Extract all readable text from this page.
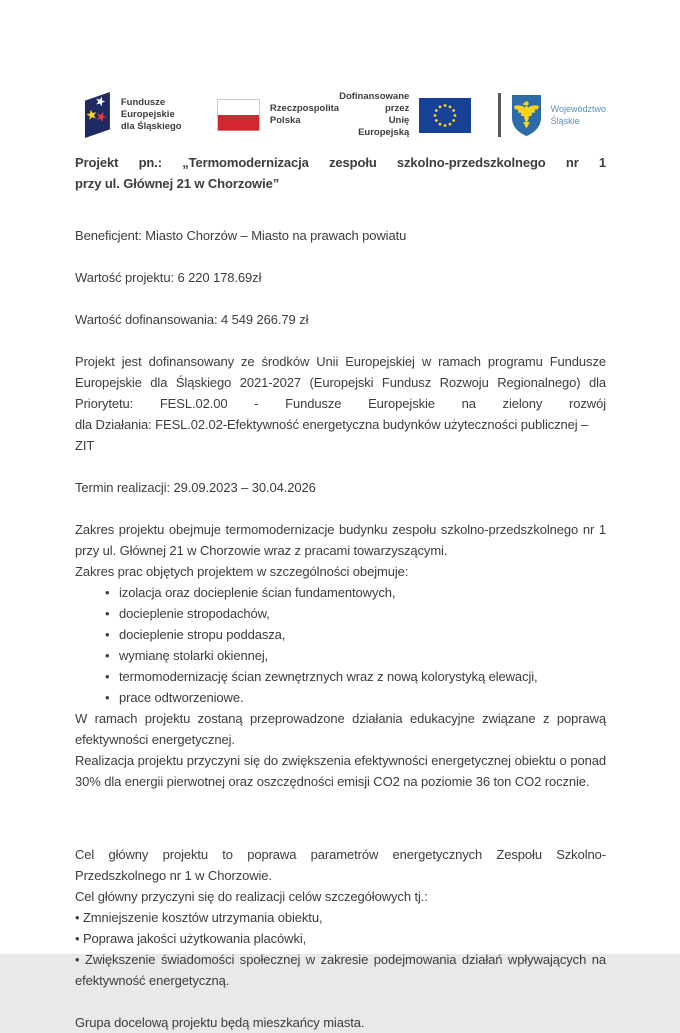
Fundusze Europejskie
dla Śląskiego
Rzeczpospolita
Polska
Dofinansowane przez
Unię Europejską
Województwo
Śląskie
Projekt pn.: „Termomodernizacja zespołu szkolno-przedszkolnego nr 1
przy ul. Głównej 21 w Chorzowie”
Beneficjent: Miasto Chorzów – Miasto na prawach powiatu
Wartość projektu: 6 220 178.69zł
Wartość dofinansowania: 4 549 266.79 zł
Projekt jest dofinansowany ze środków Unii Europejskiej w ramach programu Fundusze
Europejskie dla Śląskiego 2021-2027 (Europejski Fundusz Rozwoju Regionalnego) dla
Priorytetu: FESL.02.00 - Fundusze Europejskie na zielony rozwój
dla Działania: FESL.02.02-Efektywność energetyczna budynków użyteczności publicznej – ZIT
Termin realizacji: 29.09.2023 – 30.04.2026
Zakres projektu obejmuje termomodernizacje budynku zespołu szkolno-przedszkolnego nr 1
przy ul. Głównej 21 w Chorzowie wraz z pracami towarzyszącymi.
Zakres prac objętych projektem w szczególności obejmuje:
• izolacja oraz docieplenie ścian fundamentowych,
• docieplenie stropodachów,
• docieplenie stropu poddasza,
• wymianę stolarki okiennej,
• termomodernizację ścian zewnętrznych wraz z nową kolorystyką elewacji,
• prace odtworzeniowe.
W ramach projektu zostaną przeprowadzone działania edukacyjne związane z poprawą
efektywności energetycznej.
Realizacja projektu przyczyni się do zwiększenia efektywności energetycznej obiektu o ponad
30% dla energii pierwotnej oraz oszczędności emisji CO2 na poziomie 36 ton CO2 rocznie.
Cel główny projektu to poprawa parametrów energetycznych Zespołu Szkolno-
Przedszkolnego nr 1 w Chorzowie.
Cel główny przyczyni się do realizacji celów szczegółowych tj.:
• Zmniejszenie kosztów utrzymania obiektu,
• Poprawa jakości użytkowania placówki,
• Zwiększenie świadomości społecznej w zakresie podejmowania działań wpływających na efektywność energetyczną.
Grupa docelową projektu będą mieszkańcy miasta.
